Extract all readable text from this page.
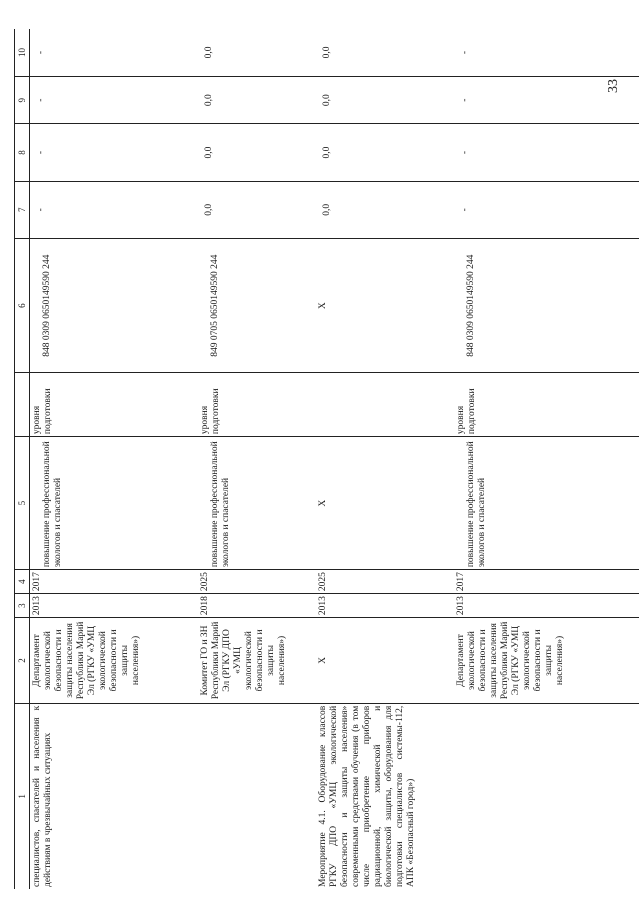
33
1	2	3	4	5		6	7	8	9	10
специалистов, спасателей и населения к действиям в чрезвычайных ситуациях	Департамент экологической безопасности и защиты населения Республики Марий Эл (РГКУ «УМЦ экологической безопасности и защиты населения»)	2013	2017	повышение профессиональной экологов и спасателей	уровня подготовки	848 0309 0650149590 244	-	-	-	-
	Комитет ГО и ЗН Республики Марий Эл (РГКУ ДПО «УМЦ экологической безопасности и защиты населения»)	2018	2025	повышение профессиональной экологов и спасателей	уровня подготовки	849 0705 0650149590 244	0,0	0,0	0,0	0,0
Мероприятие 4.1. Оборудование классов РГКУ ДПО «УМЦ экологической безопасности и защиты населения» современными средствами обучения (в том числе приобретение приборов радиационной, химической и биологической защиты, оборудования для подготовки специалистов системы-112, АПК «Безопасный город»)	X	2013	2025	X		X	0,0	0,0	0,0	0,0
	Департамент экологической безопасности и защиты населения Республики Марий Эл (РГКУ «УМЦ экологической безопасности и защиты населения»)	2013	2017	повышение профессиональной экологов и спасателей	уровня подготовки	848 0309 0650149590 244	-	-	-	-
